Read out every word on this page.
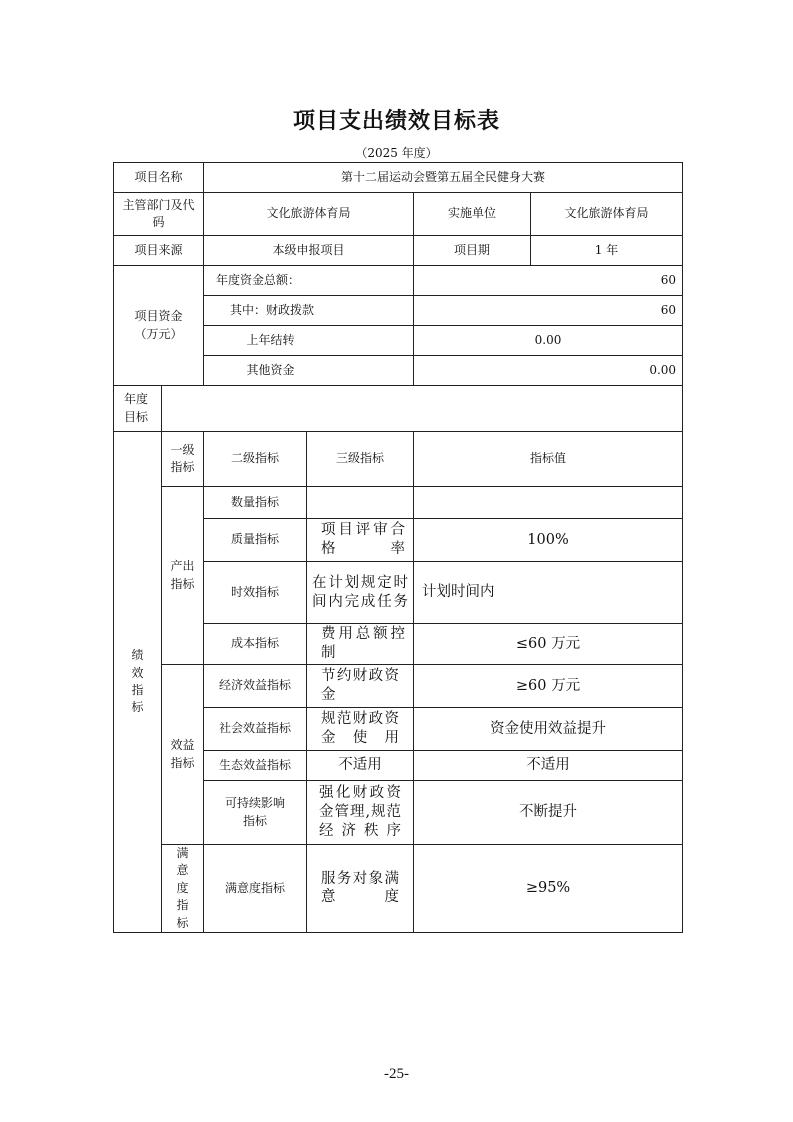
项目支出绩效目标表
（2025 年度）
项目名称		第十二届运动会暨第五届全民健身大赛			
主管部门及代码		文化旅游体育局		实施单位	文化旅游体育局
项目来源		本级申报项目		项目期	1 年
项目资金（万元）		年度资金总额：		60	
		其中：财政拨款		60	
		上年结转		0.00	
		其他资金		0.00	
年度目标					
绩效指标	一级指标	二级指标	三级指标	指标值	
	产出指标	数量指标			
		质量指标	项目评审合格率	100%	
		时效指标	在计划规定时间内完成任务	计划时间内	
		成本指标	费用总额控制	≤60 万元	
	效益指标	经济效益指标	节约财政资金	≥60 万元	
		社会效益指标	规范财政资金使用	资金使用效益提升	
		生态效益指标	不适用	不适用	
		可持续影响指标	强化财政资金管理,规范经济秩序	不断提升	
	满意度指标	满意度指标	服务对象满意度	≥95%	
-25-
